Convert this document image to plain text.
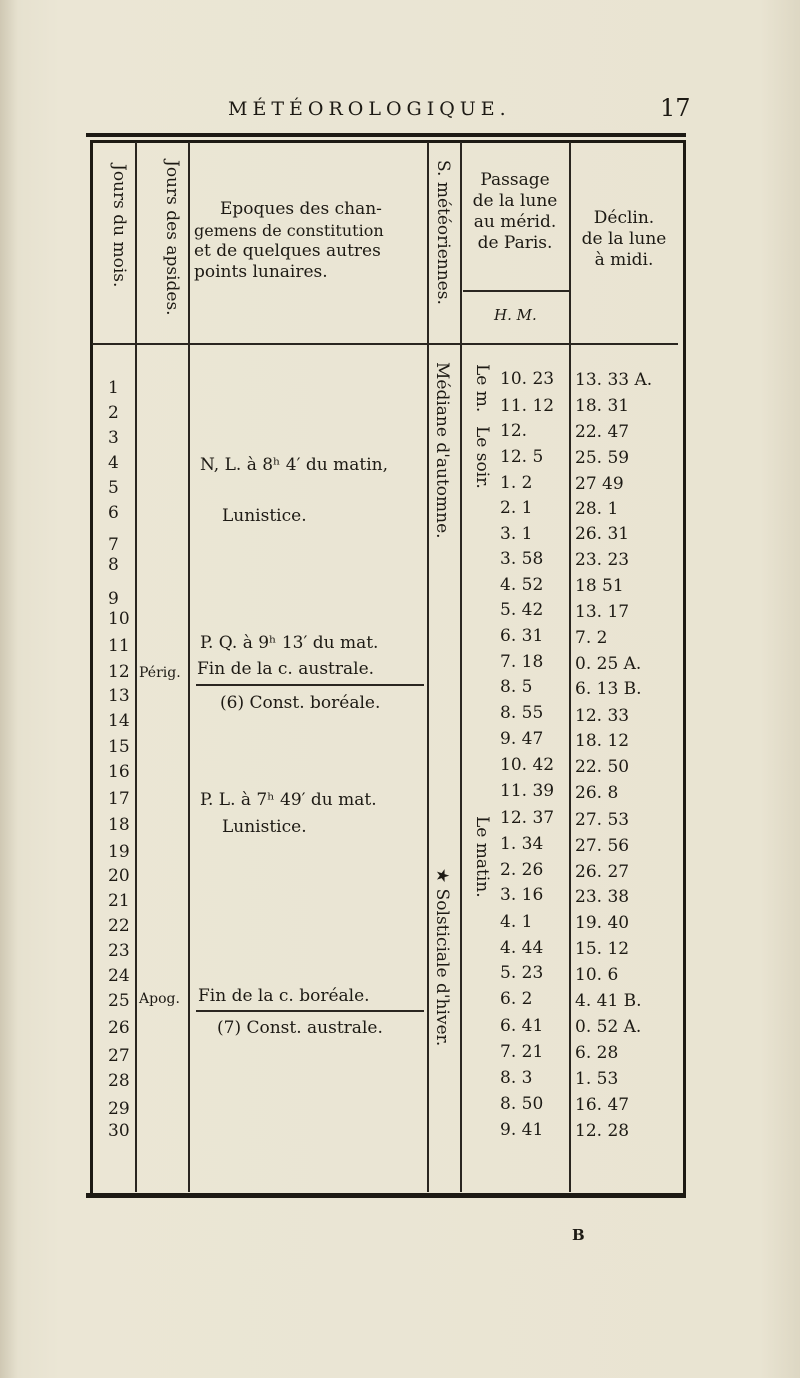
MÉTÉOROLOGIQUE.	17
Jours du mois. Jours des apsides.	S. météoriennes.
Epoques des chan-
gemens de constitution
et de quelques autres
points lunaires.
Passage
de la lune
au mérid.
de Paris.
H. M.
Déclin.
de la lune
à midi.
Médiane d'automne.
★ Solsticiale d'hiver.
Le m.
Le soir.
Le matin.
Périg.
Apog.
N, L. à 8ʰ 4′ du matin,
Lunistice.
P. Q. à 9ʰ 13′ du mat.
Fin de la c. australe.
(6) Const. boréale.
P. L. à 7ʰ 49′ du mat.
Lunistice.
Fin de la c. boréale.
(7) Const. australe.
1
2
3
4
5
6
7
8
9
10
11
12
13
14
15
16
17
18
19
20
21
22
23
24
25
26
27
28
29
30
10. 23
11. 12
12.
12. 5
1. 2
2. 1
3. 1
3. 58
4. 52
5. 42
6. 31
7. 18
8. 5
8. 55
9. 47
10. 42
11. 39
12. 37
1. 34
2. 26
3. 16
4. 1
4. 44
5. 23
6. 2
6. 41
7. 21
8. 3
8. 50
9. 41
13. 33 A.
18. 31
22. 47
25. 59
27 49
28. 1
26. 31
23. 23
18 51
13. 17
7. 2
0. 25 A.
6. 13 B.
12. 33
18. 12
22. 50
26. 8
27. 53
27. 56
26. 27
23. 38
19. 40
15. 12
10. 6
4. 41 B.
0. 52 A.
6. 28
1. 53
16. 47
12. 28
B
